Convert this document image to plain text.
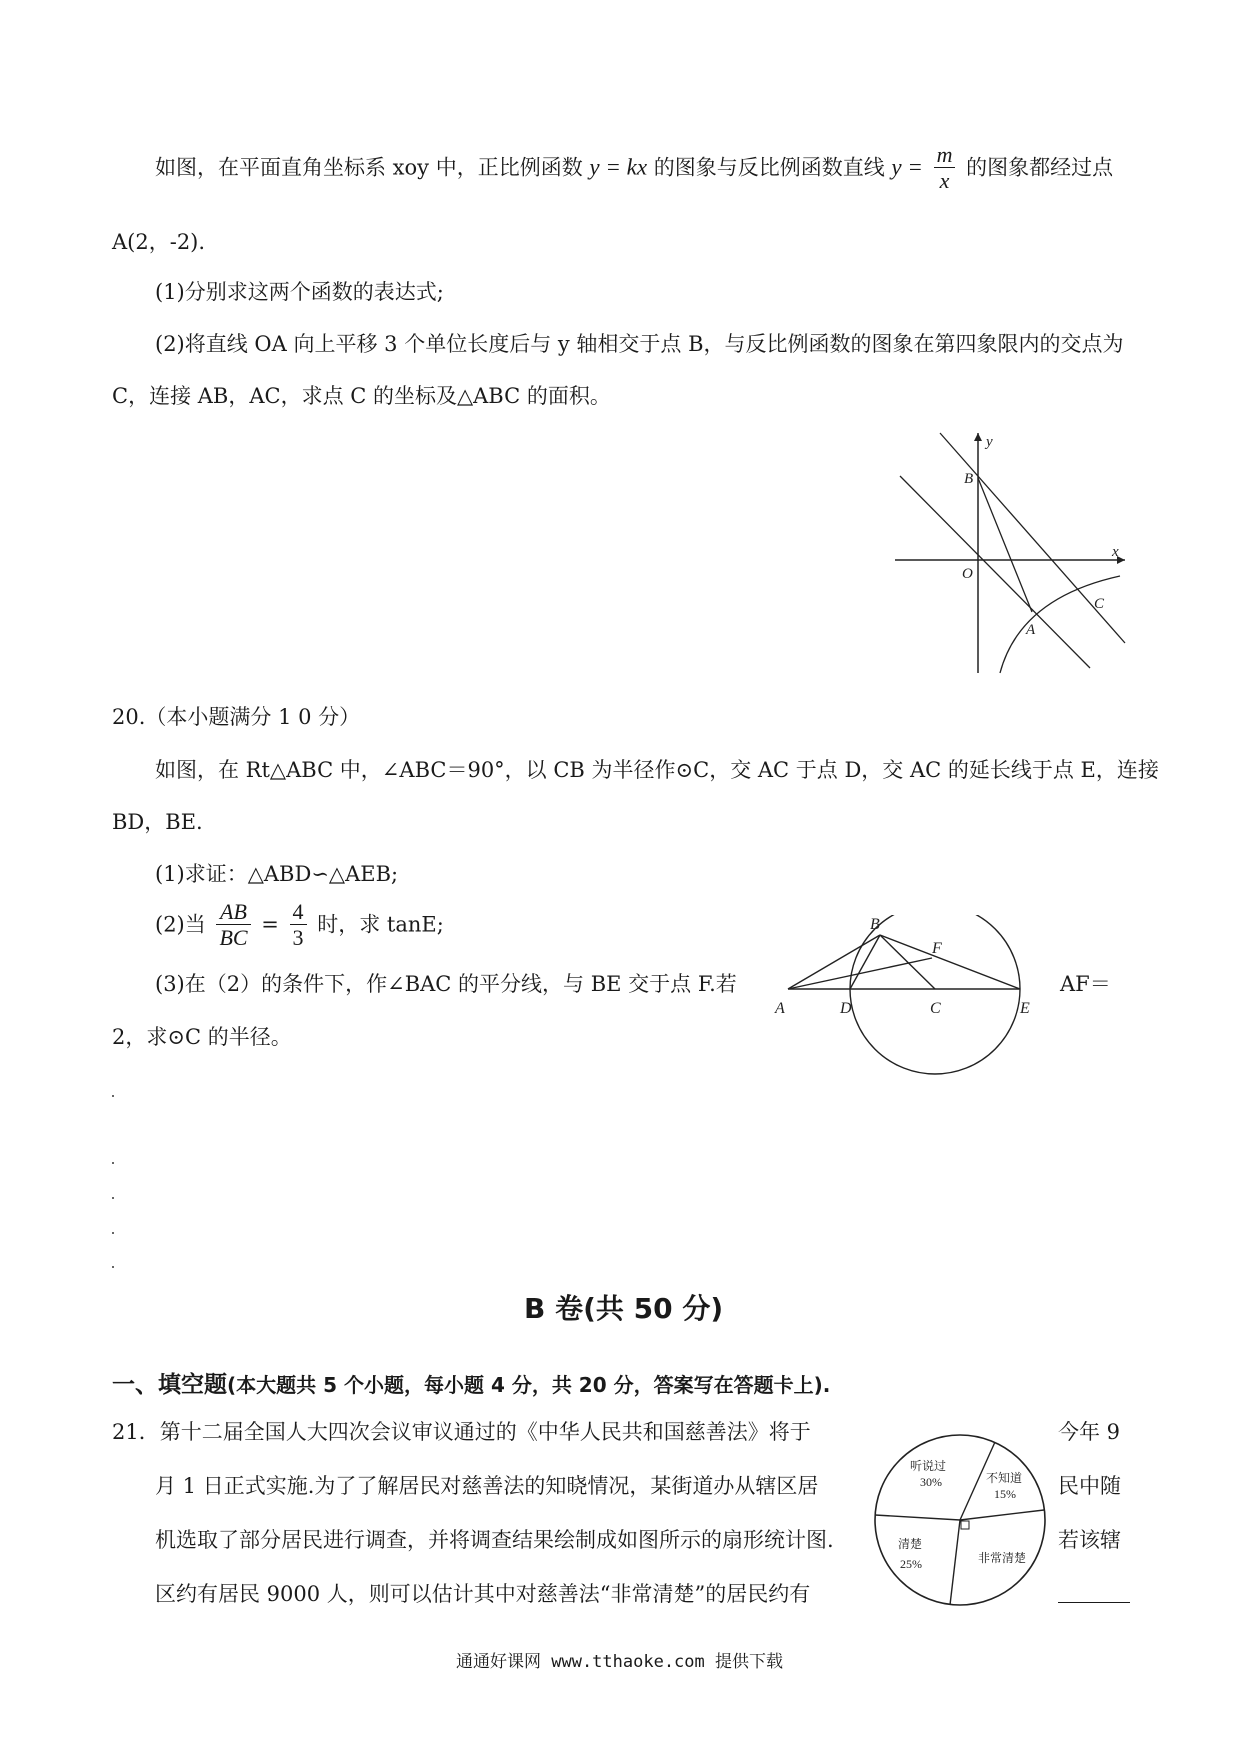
如图，在平面直角坐标系 xoy 中，正比例函数 y = kx 的图象与反比例函数直线 $y = \frac{m}{x}$ 的图象都经过点
A(2，-2).
(1)分别求这两个函数的表达式;
(2)将直线 OA 向上平移 3 个单位长度后与 y 轴相交于点 B，与反比例函数的图象在第四象限内的交点为
C，连接 AB，AC，求点 C 的坐标及△ABC 的面积。
y
x
B
O
A
C
20.（本小题满分 1 0 分）
如图，在 Rt△ABC 中，∠ABC＝90°，以 CB 为半径作⊙C，交 AC 于点 D，交 AC 的延长线于点 E，连接
BD，BE.
(1)求证：△ABD∽△AEB;
(2)当 $\frac{AB}{BC} = \frac{4}{3}$ 时，求 tanE;
(3)在（2）的条件下，作∠BAC 的平分线，与 BE 交于点 F.若	AF＝
2，求⊙C 的半径。
B
F
A	D	C	E
B 卷(共 50 分)
一、填空题(本大题共 5 个小题，每小题 4 分，共 20 分，答案写在答题卡上).
21．第十二届全国人大四次会议审议通过的《中华人民共和国慈善法》将于	今年 9
月 1 日正式实施.为了了解居民对慈善法的知晓情况，某街道办从辖区居	民中随
机选取了部分居民进行调查，并将调查结果绘制成如图所示的扇形统计图.	若该辖
区约有居民 9000 人，则可以估计其中对慈善法“非常清楚”的居民约有
听说过
30%	不知道
15%
清楚
25%	非常清楚
通通好课网 www.tthaoke.com 提供下载
